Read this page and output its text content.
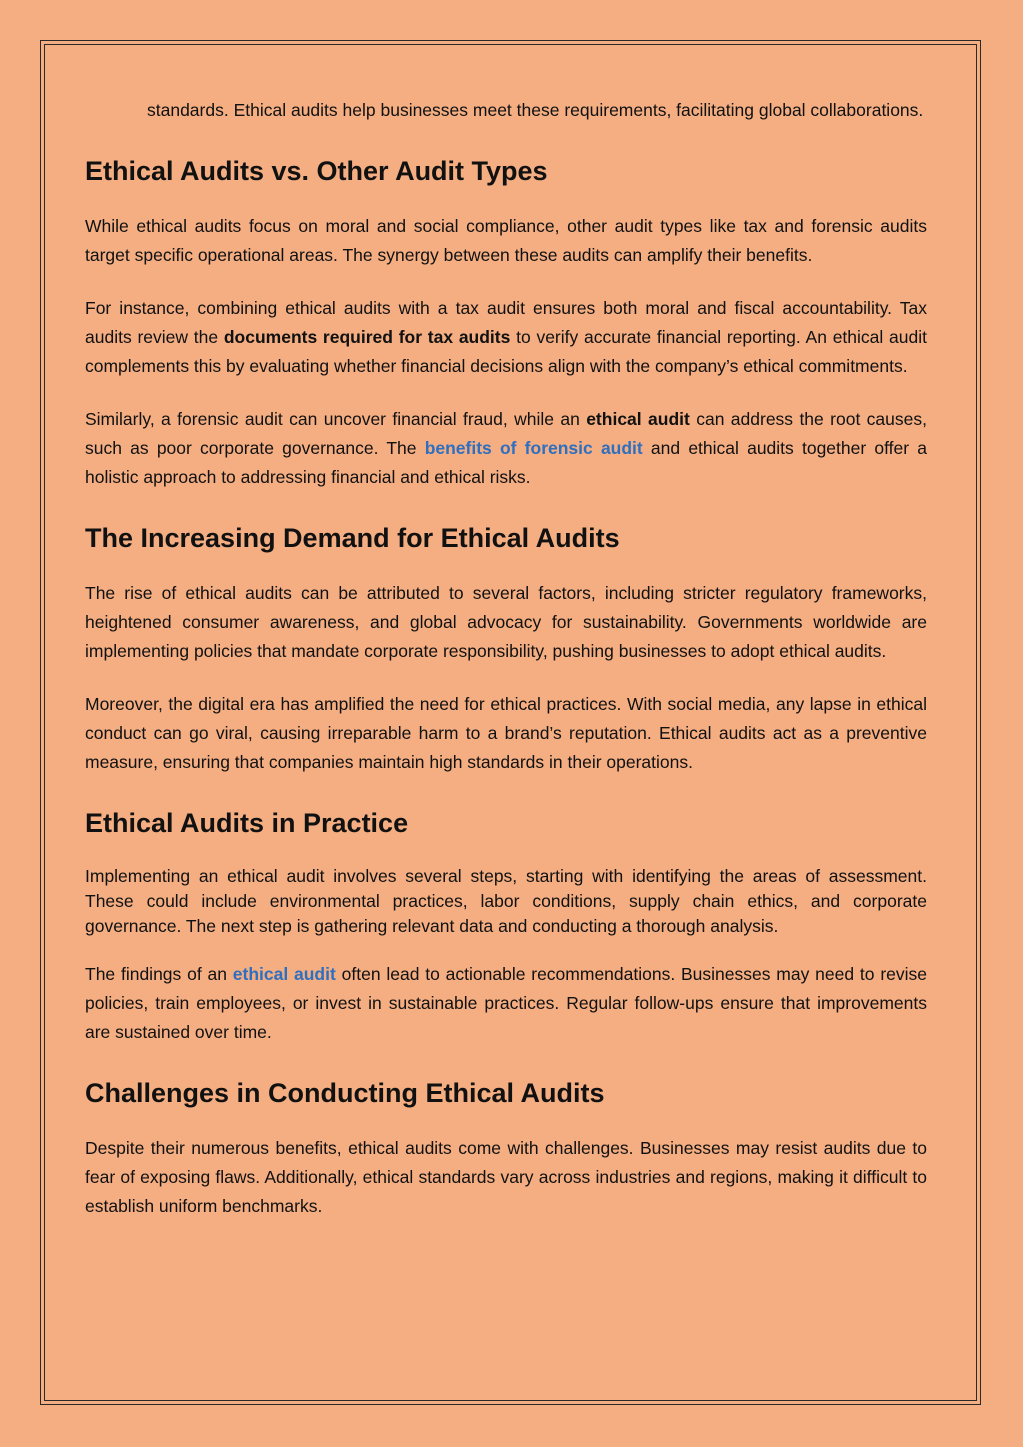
standards. Ethical audits help businesses meet these requirements, facilitating global collaborations.

Ethical Audits vs. Other Audit Types

While ethical audits focus on moral and social compliance, other audit types like tax and forensic audits target specific operational areas. The synergy between these audits can amplify their benefits.

For instance, combining ethical audits with a tax audit ensures both moral and fiscal accountability. Tax audits review the documents required for tax audits to verify accurate financial reporting. An ethical audit complements this by evaluating whether financial decisions align with the company’s ethical commitments.

Similarly, a forensic audit can uncover financial fraud, while an ethical audit can address the root causes, such as poor corporate governance. The benefits of forensic audit and ethical audits together offer a holistic approach to addressing financial and ethical risks.

The Increasing Demand for Ethical Audits

The rise of ethical audits can be attributed to several factors, including stricter regulatory frameworks, heightened consumer awareness, and global advocacy for sustainability. Governments worldwide are implementing policies that mandate corporate responsibility, pushing businesses to adopt ethical audits.

Moreover, the digital era has amplified the need for ethical practices. With social media, any lapse in ethical conduct can go viral, causing irreparable harm to a brand’s reputation. Ethical audits act as a preventive measure, ensuring that companies maintain high standards in their operations.

Ethical Audits in Practice

Implementing an ethical audit involves several steps, starting with identifying the areas of assessment. These could include environmental practices, labor conditions, supply chain ethics, and corporate governance. The next step is gathering relevant data and conducting a thorough analysis.

The findings of an ethical audit often lead to actionable recommendations. Businesses may need to revise policies, train employees, or invest in sustainable practices. Regular follow-ups ensure that improvements are sustained over time.

Challenges in Conducting Ethical Audits

Despite their numerous benefits, ethical audits come with challenges. Businesses may resist audits due to fear of exposing flaws. Additionally, ethical standards vary across industries and regions, making it difficult to establish uniform benchmarks.
